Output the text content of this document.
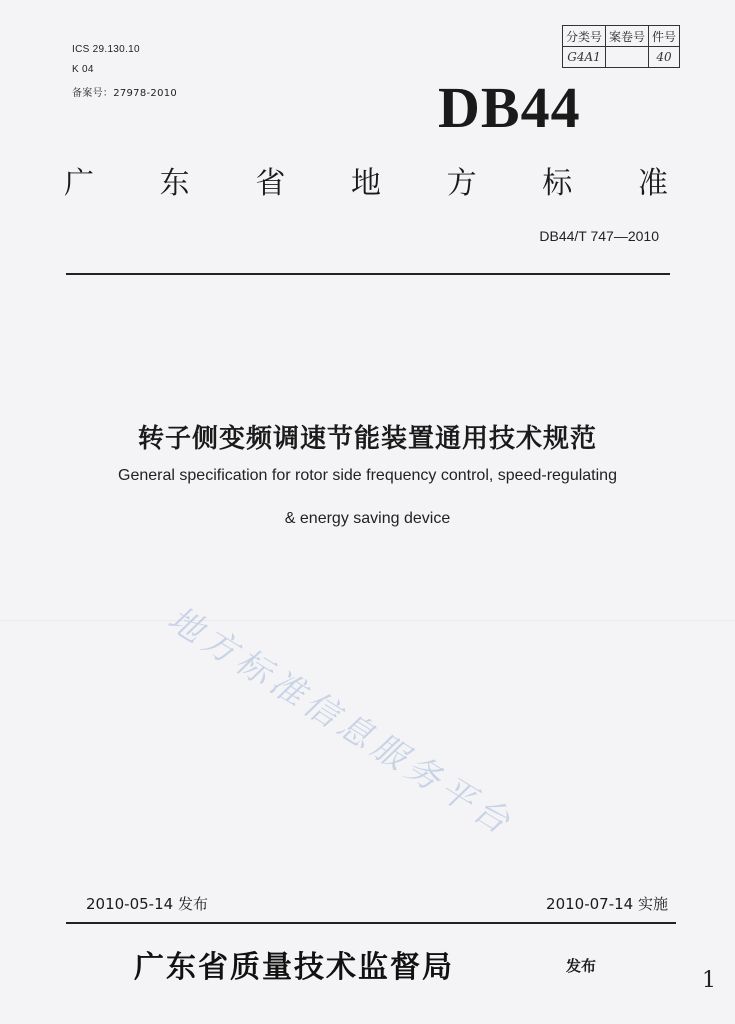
ICS 29.130.10
K 04
备案号：27978-2010
分类号	案卷号	件号
G4A1		40
DB44
广 东 省 地 方 标 准
DB44/T 747—2010
转子侧变频调速节能装置通用技术规范
General specification for rotor side frequency control, speed-regulating
& energy saving device
地方标准信息服务平台
2010-05-14 发布	2010-07-14 实施
广东省质量技术监督局	发布
1
